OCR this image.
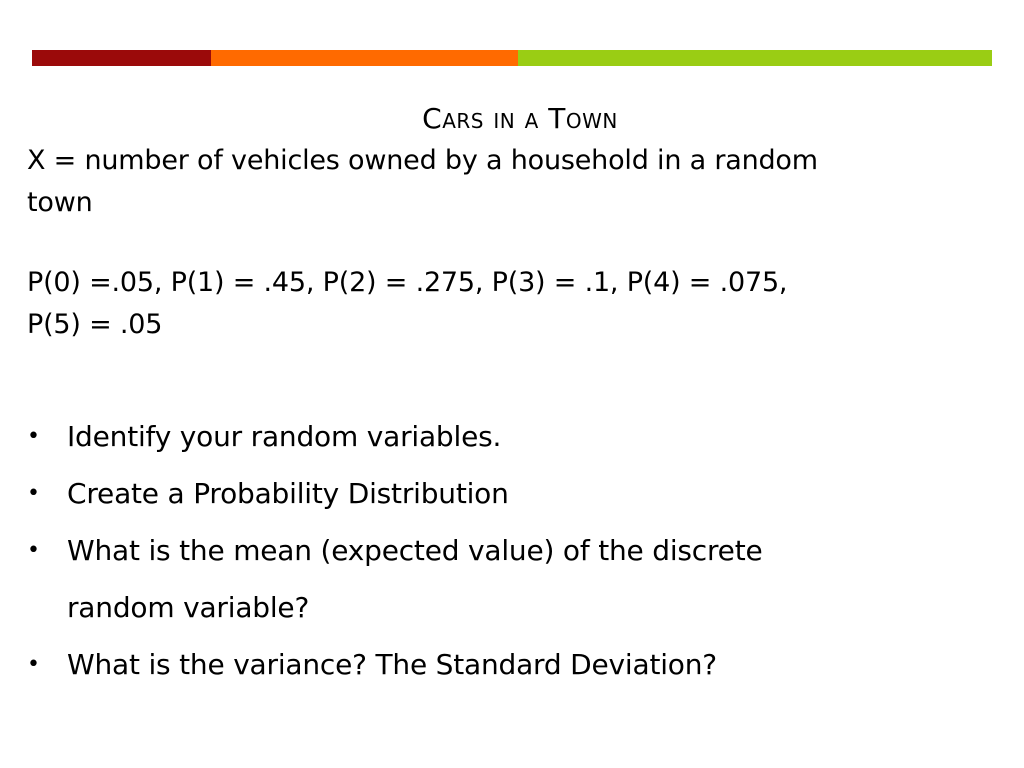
Cars in a Town
X = number of vehicles owned by a household in a random
town
P(0) =.05, P(1) = .45, P(2) = .275, P(3) = .1, P(4) = .075,
P(5) = .05
• Identify your random variables.
• Create a Probability Distribution
• What is the mean (expected value) of the discrete
random variable?
• What is the variance? The Standard Deviation?
